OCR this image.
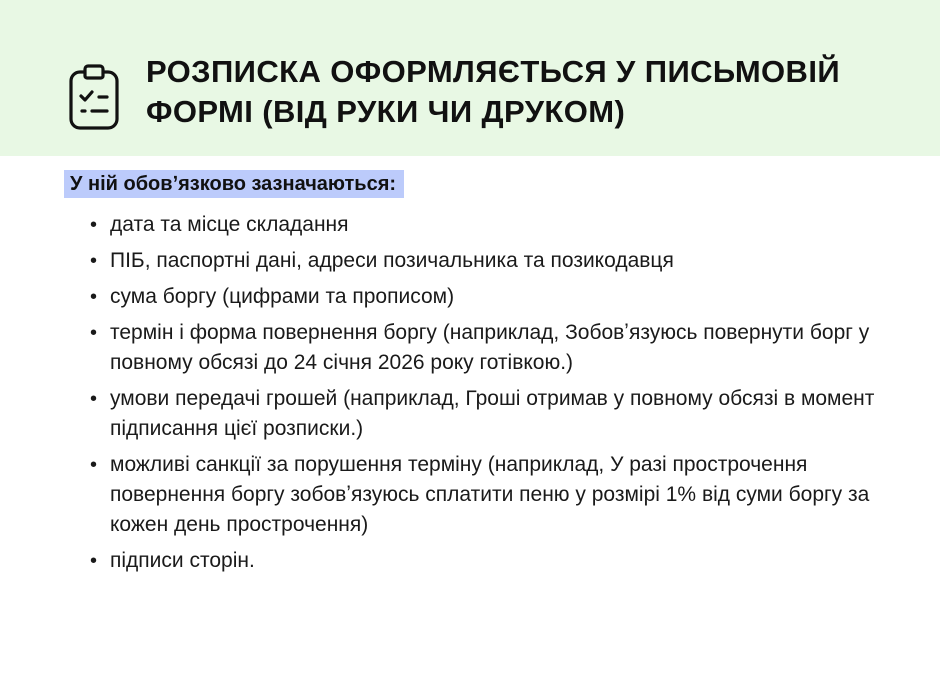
РОЗПИСКА ОФОРМЛЯЄТЬСЯ У ПИСЬМОВІЙ ФОРМІ (ВІД РУКИ ЧИ ДРУКОМ)
У ній обовʼязково зазначаються:
• дата та місце складання
• ПІБ, паспортні дані, адреси позичальника та позикодавця
• сума боргу (цифрами та прописом)
• термін і форма повернення боргу (наприклад, Зобовʼязуюсь повернути борг у повному обсязі до 24 січня 2026 року готівкою.)
• умови передачі грошей (наприклад, Гроші отримав у повному обсязі в момент підписання цієї розписки.)
• можливі санкції за порушення терміну (наприклад, У разі прострочення повернення боргу зобовʼязуюсь сплатити пеню у розмірі 1% від суми боргу за кожен день прострочення)
• підписи сторін.
